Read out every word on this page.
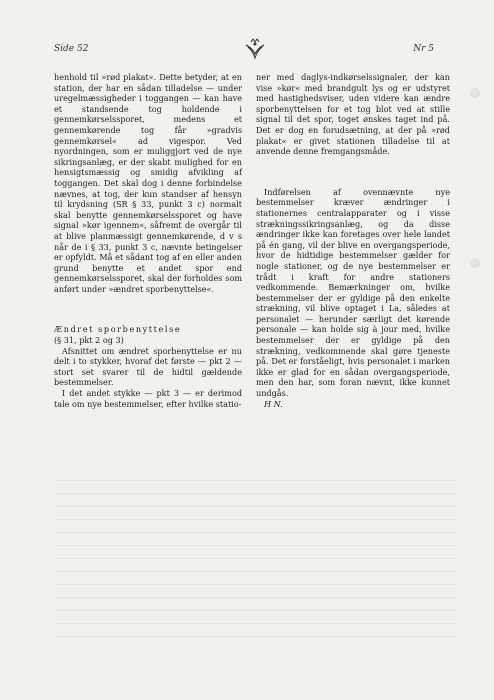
Side 52	Nr 5

henhold til »rød plakat«. Dette betyder, at en station, der har en sådan tilladelse — under uregelmæssigheder i toggangen — kan have et standsende tog holdende i gennemkørselssporet, medens et gennemkørende tog får »gradvis gennemkørsel« ad vigespor. Ved nyordningen, som er muliggjort ved de nye sikringsanlæg, er der skabt mulighed for en hensigtsmæssig og smidig afvikling af toggangen. Det skal dog i denne forbindelse nævnes, at tog, der kun standser af hensyn til krydsning (SR § 33, punkt 3 c) normalt skal benytte gennemkørselssporet og have signal »kør igennem«, såfremt de overgår til at blive planmæssigt gennemkørende, d v s når de i § 33, punkt 3 c, nævnte betingelser er opfyldt. Må et sådant tog af en eller anden grund benytte et andet spor end gennemkørselssporet, skal der forholdes som anført under »ændret sporbenyttelse«.

Ændret sporbenyttelse

(§ 31, pkt 2 og 3)

Afsnittet om ændret sporbenyttelse er nu delt i to stykker, hvoraf det første — pkt 2 — stort set svarer til de hidtil gældende bestemmelser.

I det andet stykke — pkt 3 — er derimod tale om nye bestemmelser, efter hvilke statio-

ner med daglys-indkørselssignaler, der kan vise »kør« med brandgult lys og er udstyret med hastighedsviser, uden videre kan ændre sporbenyttelsen for et tog blot ved at stille signal til det spor, toget ønskes taget ind på. Det er dog en forudsætning, at der på »rød plakat« er givet stationen tilladelse til at anvende denne fremgangsmåde.

Indførelsen af ovennævnte nye bestemmelser kræver ændringer i stationernes centralapparater og i visse strækningssikringsanlæg, og da disse ændringer ikke kan foretages over hele landet på én gang, vil der blive en overgangsperiode, hvor de hidtidige bestemmelser gælder for nogle stationer, og de nye bestemmelser er trådt i kraft for andre stationers vedkommende. Bemærkninger om, hvilke bestemmelser der er gyldige på den enkelte strækning, vil blive optaget i La, således at personalet — herunder særligt det kørende personale — kan holde sig à jour med, hvilke bestemmelser der er gyldige på den strækning, vedkommende skal gøre tjeneste på. Det er forståeligt, hvis personalet i marken ikke er glad for en sådan overgangsperiode, men den har, som foran nævnt, ikke kunnet undgås.

H N.
